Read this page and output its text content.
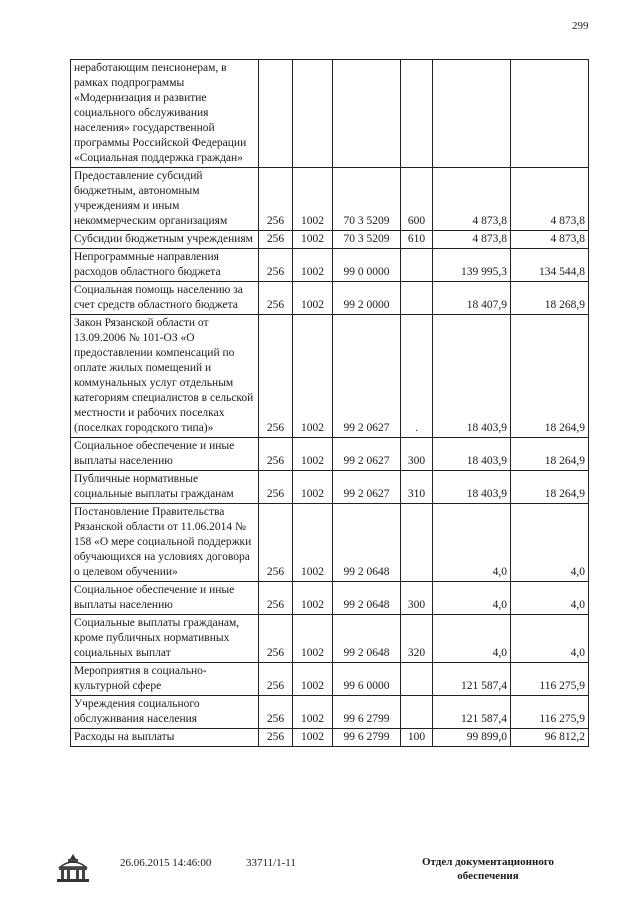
299
неработающим пенсионерам, в рамках подпрограммы «Модернизация и развитие социального обслуживания населения» государственной программы Российской Федерации «Социальная поддержка граждан»						
Предоставление субсидий бюджетным, автономным учреждениям и иным некоммерческим организациям	256	1002	70 3 5209	600	4 873,8	4 873,8
Субсидии бюджетным учреждениям	256	1002	70 3 5209	610	4 873,8	4 873,8
Непрограммные направления расходов областного бюджета	256	1002	99 0 0000		139 995,3	134 544,8
Социальная помощь населению за счет средств областного бюджета	256	1002	99 2 0000		18 407,9	18 268,9
Закон Рязанской области от 13.09.2006 № 101-ОЗ «О предоставлении компенсаций по оплате жилых помещений и коммунальных услуг отдельным категориям специалистов в сельской местности и рабочих поселках (поселках городского типа)»	256	1002	99 2 0627	.	18 403,9	18 264,9
Социальное обеспечение и иные выплаты населению	256	1002	99 2 0627	300	18 403,9	18 264,9
Публичные нормативные социальные выплаты гражданам	256	1002	99 2 0627	310	18 403,9	18 264,9
Постановление Правительства Рязанской области от 11.06.2014 № 158 «О мере социальной поддержки обучающихся на условиях договора о целевом обучении»	256	1002	99 2 0648		4,0	4,0
Социальное обеспечение и иные выплаты населению	256	1002	99 2 0648	300	4,0	4,0
Социальные выплаты гражданам, кроме публичных нормативных социальных выплат	256	1002	99 2 0648	320	4,0	4,0
Мероприятия в социально-культурной сфере	256	1002	99 6 0000		121 587,4	116 275,9
Учреждения социального обслуживания населения	256	1002	99 6 2799		121 587,4	116 275,9
Расходы на выплаты	256	1002	99 6 2799	100	99 899,0	96 812,2
26.06.2015 14:46:00	33711/1-11	Отдел документационного
обеспечения
